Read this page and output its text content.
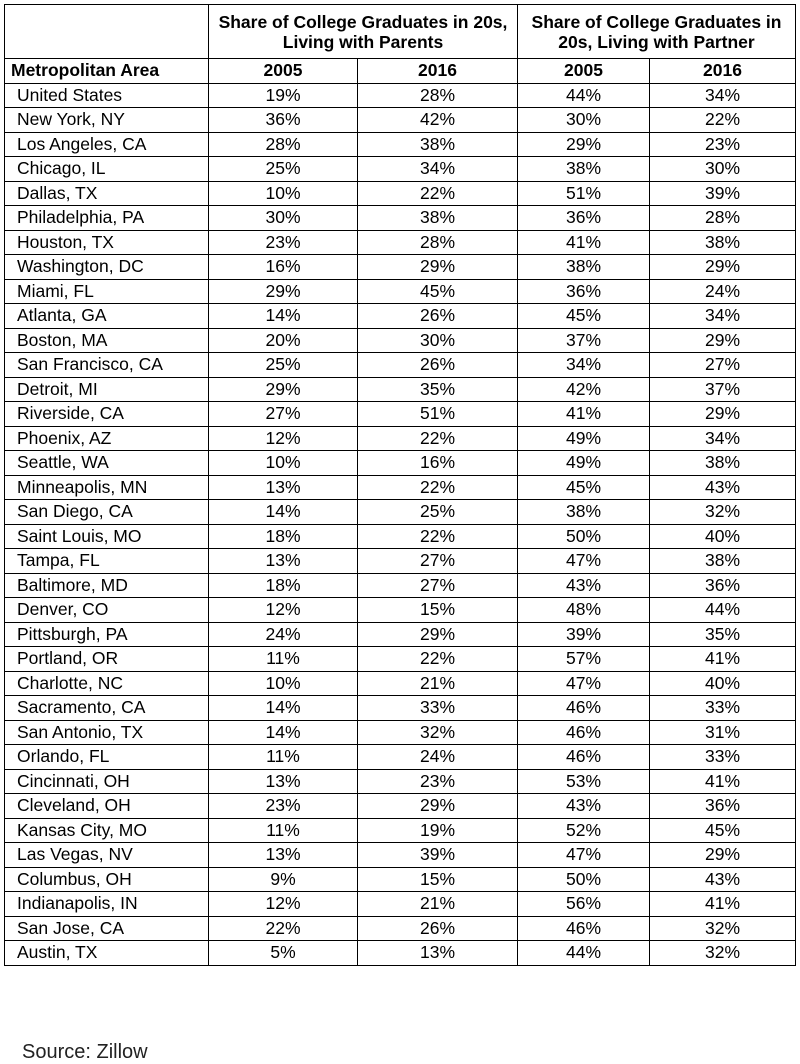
	Share of College Graduates in 20s, Living with Parents		Share of College Graduates in 20s, Living with Partner	
Metropolitan Area	2005	2016	2005	2016
United States	19%	28%	44%	34%
New York, NY	36%	42%	30%	22%
Los Angeles, CA	28%	38%	29%	23%
Chicago, IL	25%	34%	38%	30%
Dallas, TX	10%	22%	51%	39%
Philadelphia, PA	30%	38%	36%	28%
Houston, TX	23%	28%	41%	38%
Washington, DC	16%	29%	38%	29%
Miami, FL	29%	45%	36%	24%
Atlanta, GA	14%	26%	45%	34%
Boston, MA	20%	30%	37%	29%
San Francisco, CA	25%	26%	34%	27%
Detroit, MI	29%	35%	42%	37%
Riverside, CA	27%	51%	41%	29%
Phoenix, AZ	12%	22%	49%	34%
Seattle, WA	10%	16%	49%	38%
Minneapolis, MN	13%	22%	45%	43%
San Diego, CA	14%	25%	38%	32%
Saint Louis, MO	18%	22%	50%	40%
Tampa, FL	13%	27%	47%	38%
Baltimore, MD	18%	27%	43%	36%
Denver, CO	12%	15%	48%	44%
Pittsburgh, PA	24%	29%	39%	35%
Portland, OR	11%	22%	57%	41%
Charlotte, NC	10%	21%	47%	40%
Sacramento, CA	14%	33%	46%	33%
San Antonio, TX	14%	32%	46%	31%
Orlando, FL	11%	24%	46%	33%
Cincinnati, OH	13%	23%	53%	41%
Cleveland, OH	23%	29%	43%	36%
Kansas City, MO	11%	19%	52%	45%
Las Vegas, NV	13%	39%	47%	29%
Columbus, OH	9%	15%	50%	43%
Indianapolis, IN	12%	21%	56%	41%
San Jose, CA	22%	26%	46%	32%
Austin, TX	5%	13%	44%	32%
Source: Zillow
